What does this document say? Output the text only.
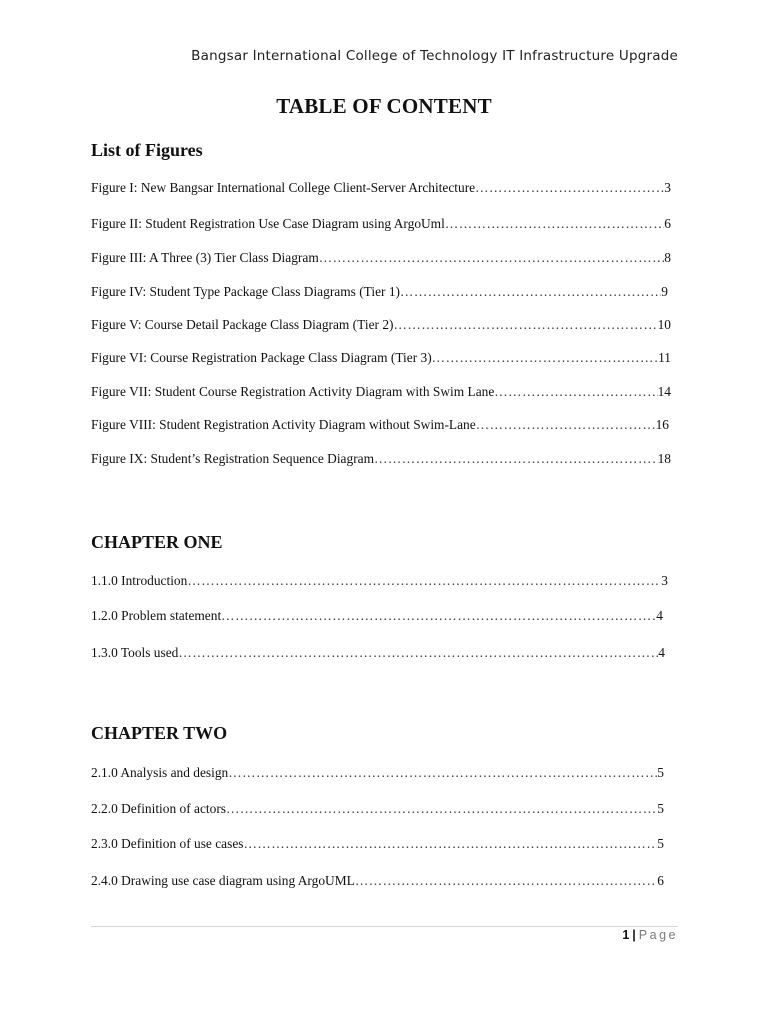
Bangsar International College of Technology IT Infrastructure Upgrade
TABLE OF CONTENT
List of Figures
Figure I: New Bangsar International College Client-Server Architecture ……………………………………………………………………………………………………………………………………………………………………………………………………………	3
Figure II: Student Registration Use Case Diagram using ArgoUml ……………………………………………………………………………………………………………………………………………………………………………………………………………	6
Figure III: A Three (3) Tier Class Diagram ……………………………………………………………………………………………………………………………………………………………………………………………………………	8
Figure IV: Student Type Package Class Diagrams (Tier 1) ……………………………………………………………………………………………………………………………………………………………………………………………………………	9
Figure V: Course Detail Package Class Diagram (Tier 2) ……………………………………………………………………………………………………………………………………………………………………………………………………………	10
Figure VI: Course Registration Package Class Diagram (Tier 3) ……………………………………………………………………………………………………………………………………………………………………………………………………………	11
Figure VII: Student Course Registration Activity Diagram with Swim Lane ……………………………………………………………………………………………………………………………………………………………………………………………………………	14
Figure VIII: Student Registration Activity Diagram without Swim-Lane ……………………………………………………………………………………………………………………………………………………………………………………………………………	16
Figure IX: Student’s Registration Sequence Diagram ……………………………………………………………………………………………………………………………………………………………………………………………………………	18
CHAPTER ONE
1.1.0 Introduction ……………………………………………………………………………………………………………………………………………………………………………………………………………	3
1.2.0 Problem statement ……………………………………………………………………………………………………………………………………………………………………………………………………………	4
1.3.0 Tools used ……………………………………………………………………………………………………………………………………………………………………………………………………………	4
CHAPTER TWO
2.1.0 Analysis and design ……………………………………………………………………………………………………………………………………………………………………………………………………………	5
2.2.0 Definition of actors ……………………………………………………………………………………………………………………………………………………………………………………………………………	5
2.3.0 Definition of use cases ……………………………………………………………………………………………………………………………………………………………………………………………………………	5
2.4.0 Drawing use case diagram using ArgoUML ……………………………………………………………………………………………………………………………………………………………………………………………………………	6
1 | Page
